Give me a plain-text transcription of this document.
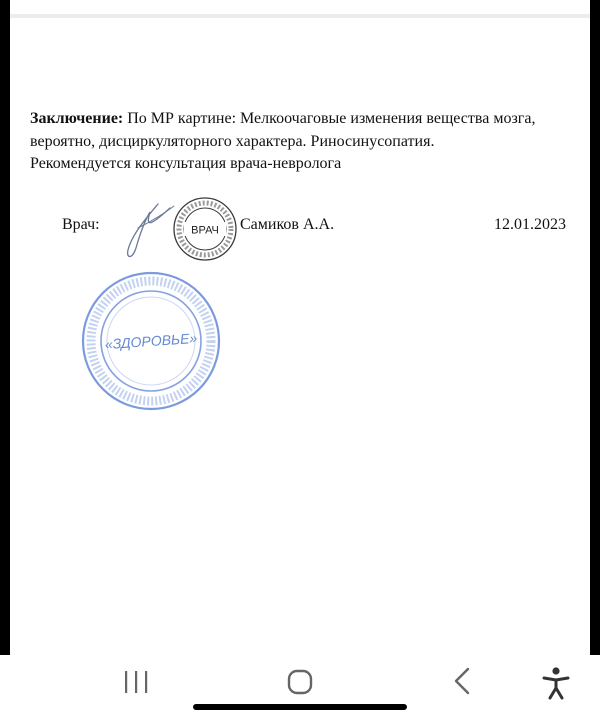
Заключение: По МР картине: Мелкоочаговые изменения вещества мозга,
вероятно, дисциркуляторного характера. Риносинусопатия.
Рекомендуется консультация врача-невролога
Врач:	ВРАЧ Самиков А.А.	12.01.2023
«ЗДОРОВЬЕ»
